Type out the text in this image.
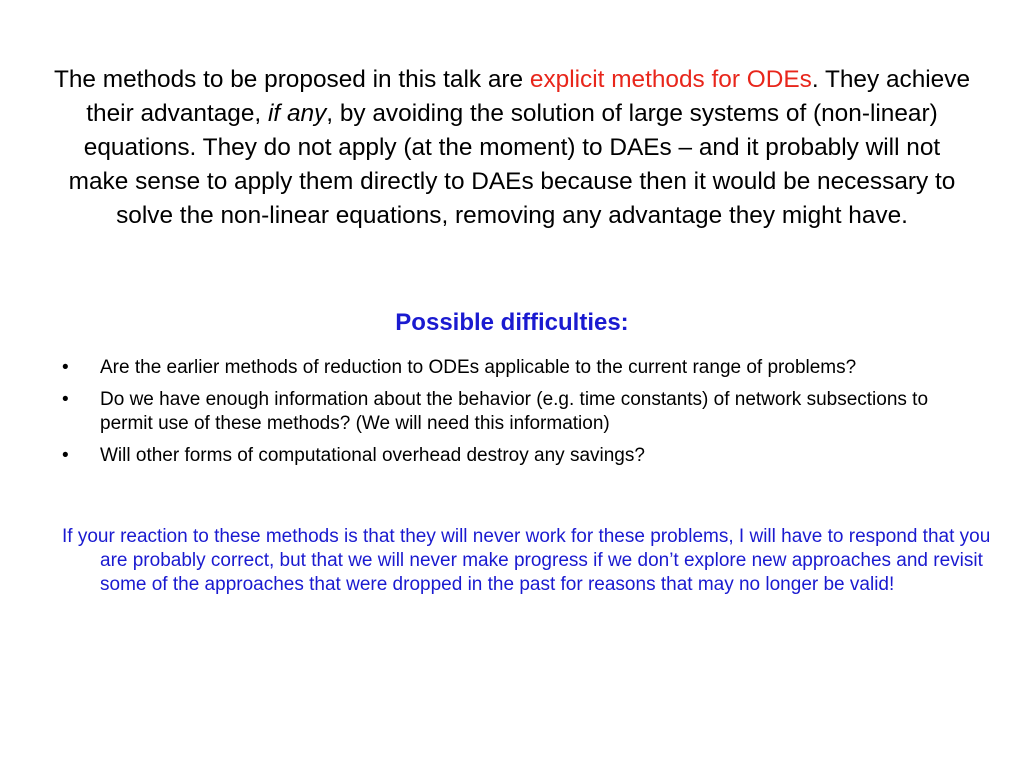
The methods to be proposed in this talk are explicit methods for ODEs. They achieve their advantage, if any, by avoiding the solution of large systems of (non-linear) equations. They do not apply (at the moment) to DAEs – and it probably will not make sense to apply them directly to DAEs because then it would be necessary to solve the non-linear equations, removing any advantage they might have.

Possible difficulties:
• Are the earlier methods of reduction to ODEs applicable to the current range of problems?
• Do we have enough information about the behavior (e.g. time constants) of network subsections to permit use of these methods? (We will need this information)
• Will other forms of computational overhead destroy any savings?

If your reaction to these methods is that they will never work for these problems, I will have to respond that you are probably correct, but that we will never make progress if we don’t explore new approaches and revisit some of the approaches that were dropped in the past for reasons that may no longer be valid!
